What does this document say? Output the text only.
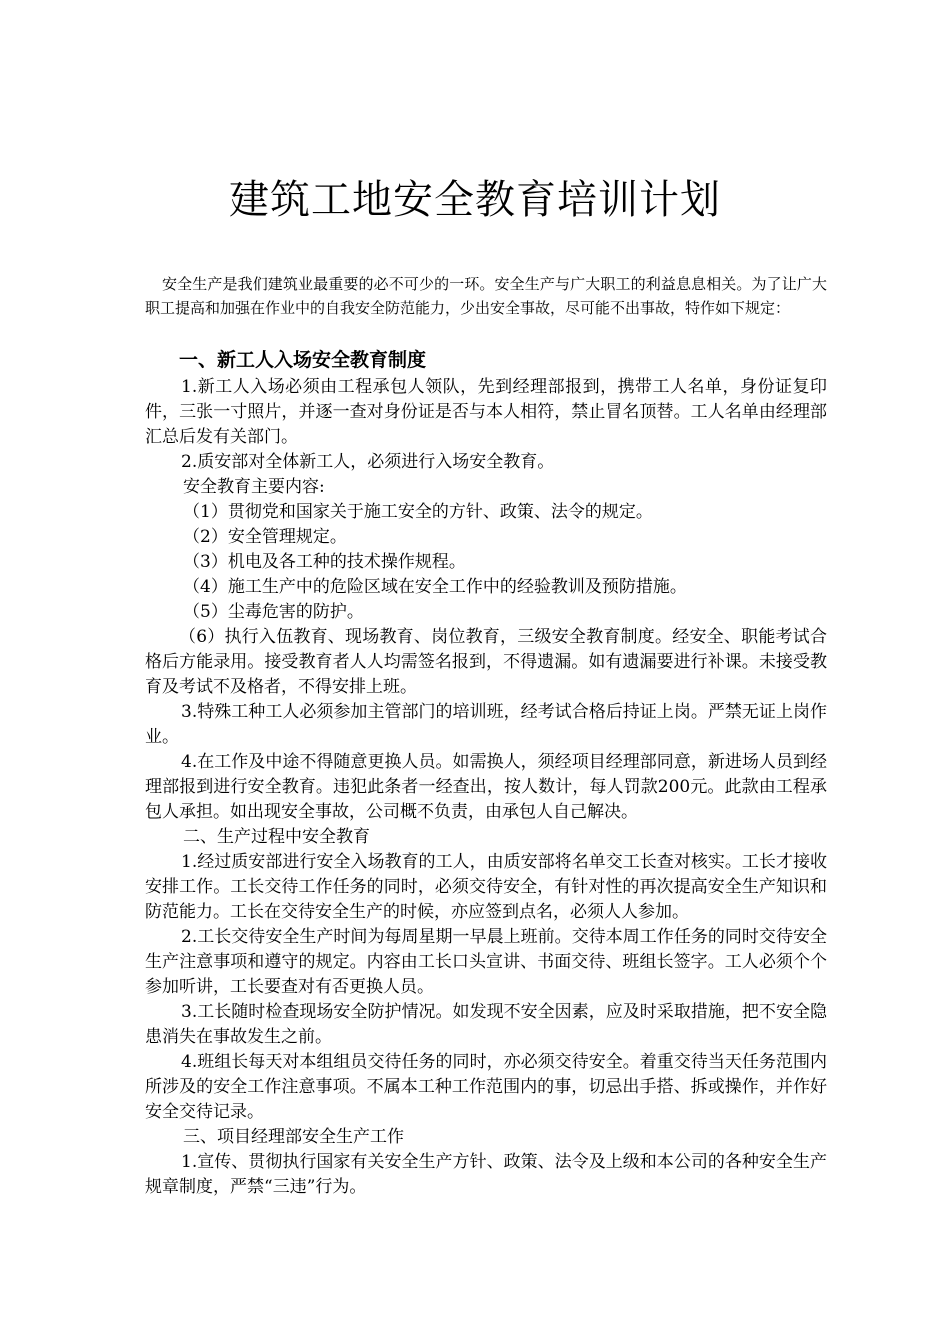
建筑工地安全教育培训计划

安全生产是我们建筑业最重要的必不可少的一环。安全生产与广大职工的利益息息相关。为了让广大职工提高和加强在作业中的自我安全防范能力，少出安全事故，尽可能不出事故，特作如下规定：

一、新工人入场安全教育制度

1.新工人入场必须由工程承包人领队，先到经理部报到，携带工人名单，身份证复印件，三张一寸照片，并逐一查对身份证是否与本人相符，禁止冒名顶替。工人名单由经理部汇总后发有关部门。

2.质安部对全体新工人，必须进行入场安全教育。

安全教育主要内容:

（1）贯彻党和国家关于施工安全的方针、政策、法令的规定。

（2）安全管理规定。

（3）机电及各工种的技术操作规程。

（4）施工生产中的危险区域在安全工作中的经验教训及预防措施。

（5）尘毒危害的防护。

（6）执行入伍教育、现场教育、岗位教育，三级安全教育制度。经安全、职能考试合格后方能录用。接受教育者人人均需签名报到，不得遗漏。如有遗漏要进行补课。未接受教育及考试不及格者，不得安排上班。

3.特殊工种工人必须参加主管部门的培训班，经考试合格后持证上岗。严禁无证上岗作业。

4.在工作及中途不得随意更换人员。如需换人，须经项目经理部同意，新进场人员到经理部报到进行安全教育。违犯此条者一经查出，按人数计，每人罚款200元。此款由工程承包人承担。如出现安全事故，公司概不负责，由承包人自己解决。

二、生产过程中安全教育

1.经过质安部进行安全入场教育的工人，由质安部将名单交工长查对核实。工长才接收安排工作。工长交待工作任务的同时，必须交待安全，有针对性的再次提高安全生产知识和防范能力。工长在交待安全生产的时候，亦应签到点名，必须人人参加。

2.工长交待安全生产时间为每周星期一早晨上班前。交待本周工作任务的同时交待安全生产注意事项和遵守的规定。内容由工长口头宣讲、书面交待、班组长签字。工人必须个个参加听讲，工长要查对有否更换人员。

3.工长随时检查现场安全防护情况。如发现不安全因素，应及时采取措施，把不安全隐患消失在事故发生之前。

4.班组长每天对本组组员交待任务的同时，亦必须交待安全。着重交待当天任务范围内所涉及的安全工作注意事项。不属本工种工作范围内的事，切忌出手搭、拆或操作，并作好安全交待记录。

三、项目经理部安全生产工作

1.宣传、贯彻执行国家有关安全生产方针、政策、法令及上级和本公司的各种安全生产规章制度，严禁“三违”行为。
